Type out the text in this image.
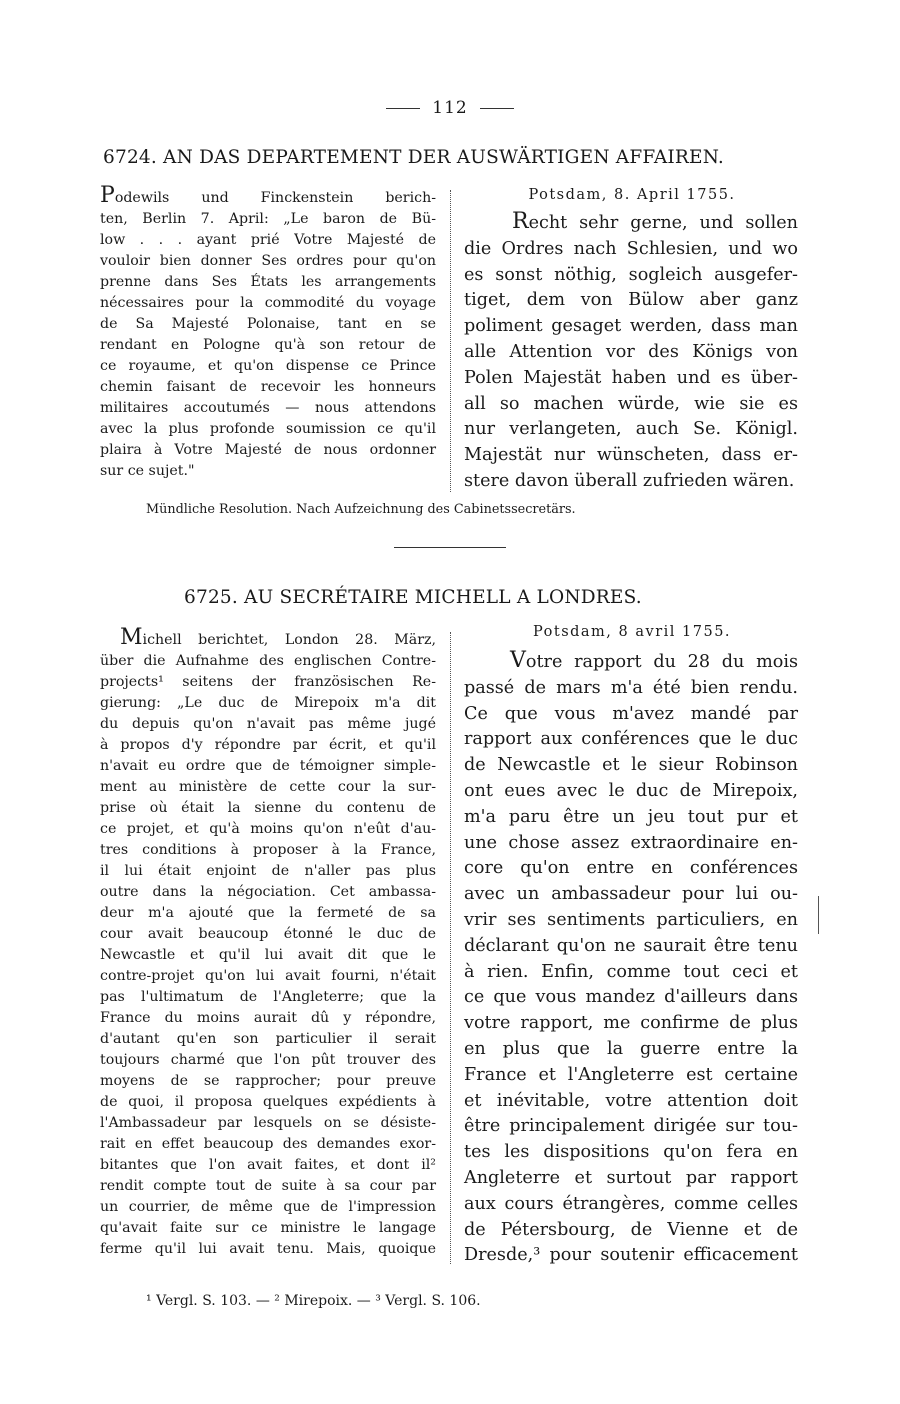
112
6724. AN DAS DEPARTEMENT DER AUSWÄRTIGEN AFFAIREN.
Podewils und Finckenstein berich-
ten, Berlin 7. April: „Le baron de Bü-
low . . . ayant prié Votre Majesté de
vouloir bien donner Ses ordres pour qu'on
prenne dans Ses États les arrangements
nécessaires pour la commodité du voyage
de Sa Majesté Polonaise, tant en se
rendant en Pologne qu'à son retour de
ce royaume, et qu'on dispense ce Prince
chemin faisant de recevoir les honneurs
militaires accoutumés — nous attendons
avec la plus profonde soumission ce qu'il
plaira à Votre Majesté de nous ordonner
sur ce sujet."
Potsdam, 8. April 1755.
Recht sehr gerne, und sollen
die Ordres nach Schlesien, und wo
es sonst nöthig, sogleich ausgefer-
tiget, dem von Bülow aber ganz
poliment gesaget werden, dass man
alle Attention vor des Königs von
Polen Majestät haben und es über-
all so machen würde, wie sie es
nur verlangeten, auch Se. Königl.
Majestät nur wünscheten, dass er-
stere davon überall zufrieden wären.
Mündliche Resolution. Nach Aufzeichnung des Cabinetssecretärs.
6725. AU SECRÉTAIRE MICHELL A LONDRES.
Michell berichtet, London 28. März,
über die Aufnahme des englischen Contre-
projects¹ seitens der französischen Re-
gierung: „Le duc de Mirepoix m'a dit
du depuis qu'on n'avait pas même jugé
à propos d'y répondre par écrit, et qu'il
n'avait eu ordre que de témoigner simple-
ment au ministère de cette cour la sur-
prise où était la sienne du contenu de
ce projet, et qu'à moins qu'on n'eût d'au-
tres conditions à proposer à la France,
il lui était enjoint de n'aller pas plus
outre dans la négociation. Cet ambassa-
deur m'a ajouté que la fermeté de sa
cour avait beaucoup étonné le duc de
Newcastle et qu'il lui avait dit que le
contre-projet qu'on lui avait fourni, n'était
pas l'ultimatum de l'Angleterre; que la
France du moins aurait dû y répondre,
d'autant qu'en son particulier il serait
toujours charmé que l'on pût trouver des
moyens de se rapprocher; pour preuve
de quoi, il proposa quelques expédients à
l'Ambassadeur par lesquels on se désiste-
rait en effet beaucoup des demandes exor-
bitantes que l'on avait faites, et dont il²
rendit compte tout de suite à sa cour par
un courrier, de même que de l'impression
qu'avait faite sur ce ministre le langage
ferme qu'il lui avait tenu. Mais, quoique
Potsdam, 8 avril 1755.
Votre rapport du 28 du mois
passé de mars m'a été bien rendu.
Ce que vous m'avez mandé par
rapport aux conférences que le duc
de Newcastle et le sieur Robinson
ont eues avec le duc de Mirepoix,
m'a paru être un jeu tout pur et
une chose assez extraordinaire en-
core qu'on entre en conférences
avec un ambassadeur pour lui ou-
vrir ses sentiments particuliers, en
déclarant qu'on ne saurait être tenu
à rien. Enfin, comme tout ceci et
ce que vous mandez d'ailleurs dans
votre rapport, me confirme de plus
en plus que la guerre entre la
France et l'Angleterre est certaine
et inévitable, votre attention doit
être principalement dirigée sur tou-
tes les dispositions qu'on fera en
Angleterre et surtout par rapport
aux cours étrangères, comme celles
de Pétersbourg, de Vienne et de
Dresde,³ pour soutenir efficacement
¹ Vergl. S. 103. — ² Mirepoix. — ³ Vergl. S. 106.
